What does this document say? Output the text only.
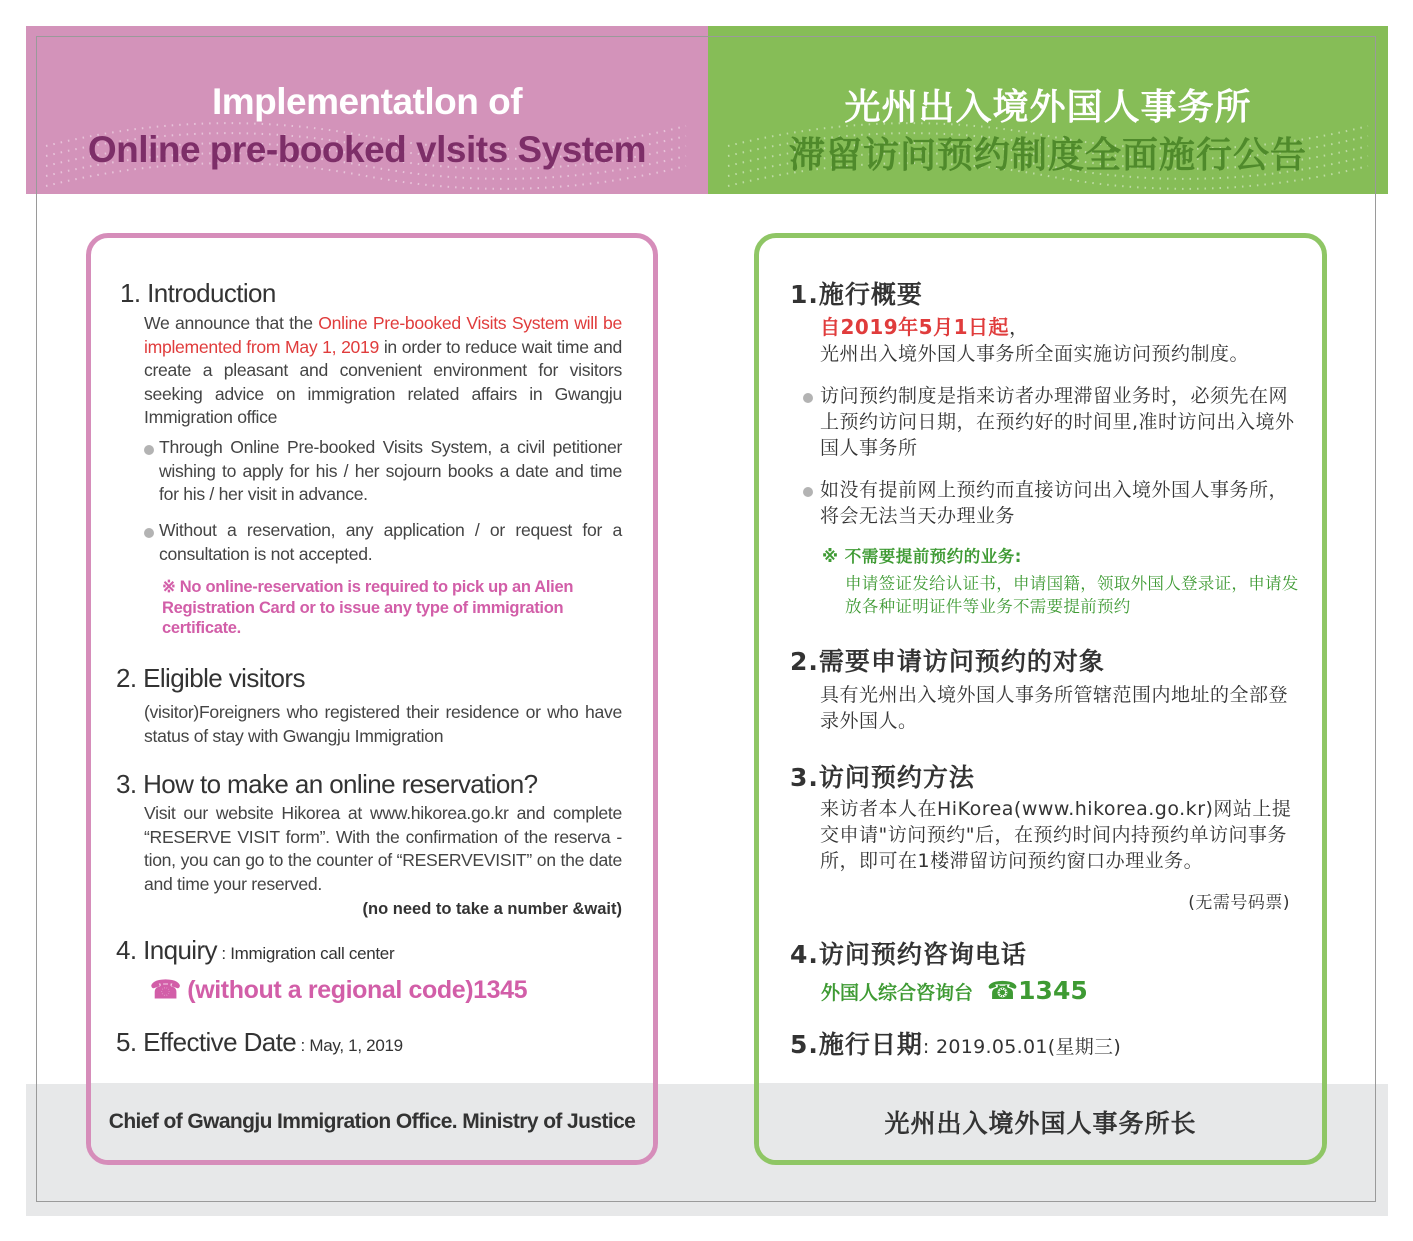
Implementatlon of
Online pre-booked vlsits System
光州出入境外国人事务所
滞留访问预约制度全面施行公告
1. Introduction
We announce that the Online Pre-booked Visits System will be implemented from May 1, 2019 in order to reduce wait time and create a pleasant and convenient environment for visitors seeking advice on immigration related affairs in Gwangju Immigration office
Through Online Pre-booked Visits System, a civil petitioner wishing to apply for his / her sojourn books a date and time for his / her visit in advance.
Without a reservation, any application / or request for a consultation is not accepted.
※ No online-reservation is required to pick up an Alien Registration Card or to issue any type of immigration certificate.
2. Eligible visitors
(visitor)Foreigners who registered their residence or who have status of stay with Gwangju Immigration
3. How to make an online reservation?
Visit our website Hikorea at www.hikorea.go.kr and complete “RESERVE VISIT form”. With the confirmation of the reserva -tion, you can go to the counter of “RESERVEVISIT” on the date and time your reserved.
(no need to take a number &wait)
4. Inquiry : Immigration call center
☎ (without a regional code)1345
5. Effective Date : May, 1, 2019
Chief of Gwangju Immigration Office. Ministry of Justice
1.施行概要
自2019年5月1日起，
光州出入境外国人事务所全面实施访问预约制度。
访问预约制度是指来访者办理滞留业务时，必须先在网上预约访问日期，在预约好的时间里,准时访问出入境外国人事务所
如没有提前网上预约而直接访问出入境外国人事务所，将会无法当天办理业务
※ 不需要提前预约的业务:
申请签证发给认证书，申请国籍，领取外国人登录证，申请发放各种证明证件等业务不需要提前预约
2.需要申请访问预约的对象
具有光州出入境外国人事务所管辖范围内地址的全部登录外国人。
3.访问预约方法
来访者本人在HiKorea(www.hikorea.go.kr)网站上提交申请"访问预约"后，在预约时间内持预约单访问事务所，即可在1楼滞留访问预约窗口办理业务。
(无需号码票)
4.访问预约咨询电话
外国人综合咨询台 ☎1345
5.施行日期: 2019.05.01(星期三)
光州出入境外国人事务所长
